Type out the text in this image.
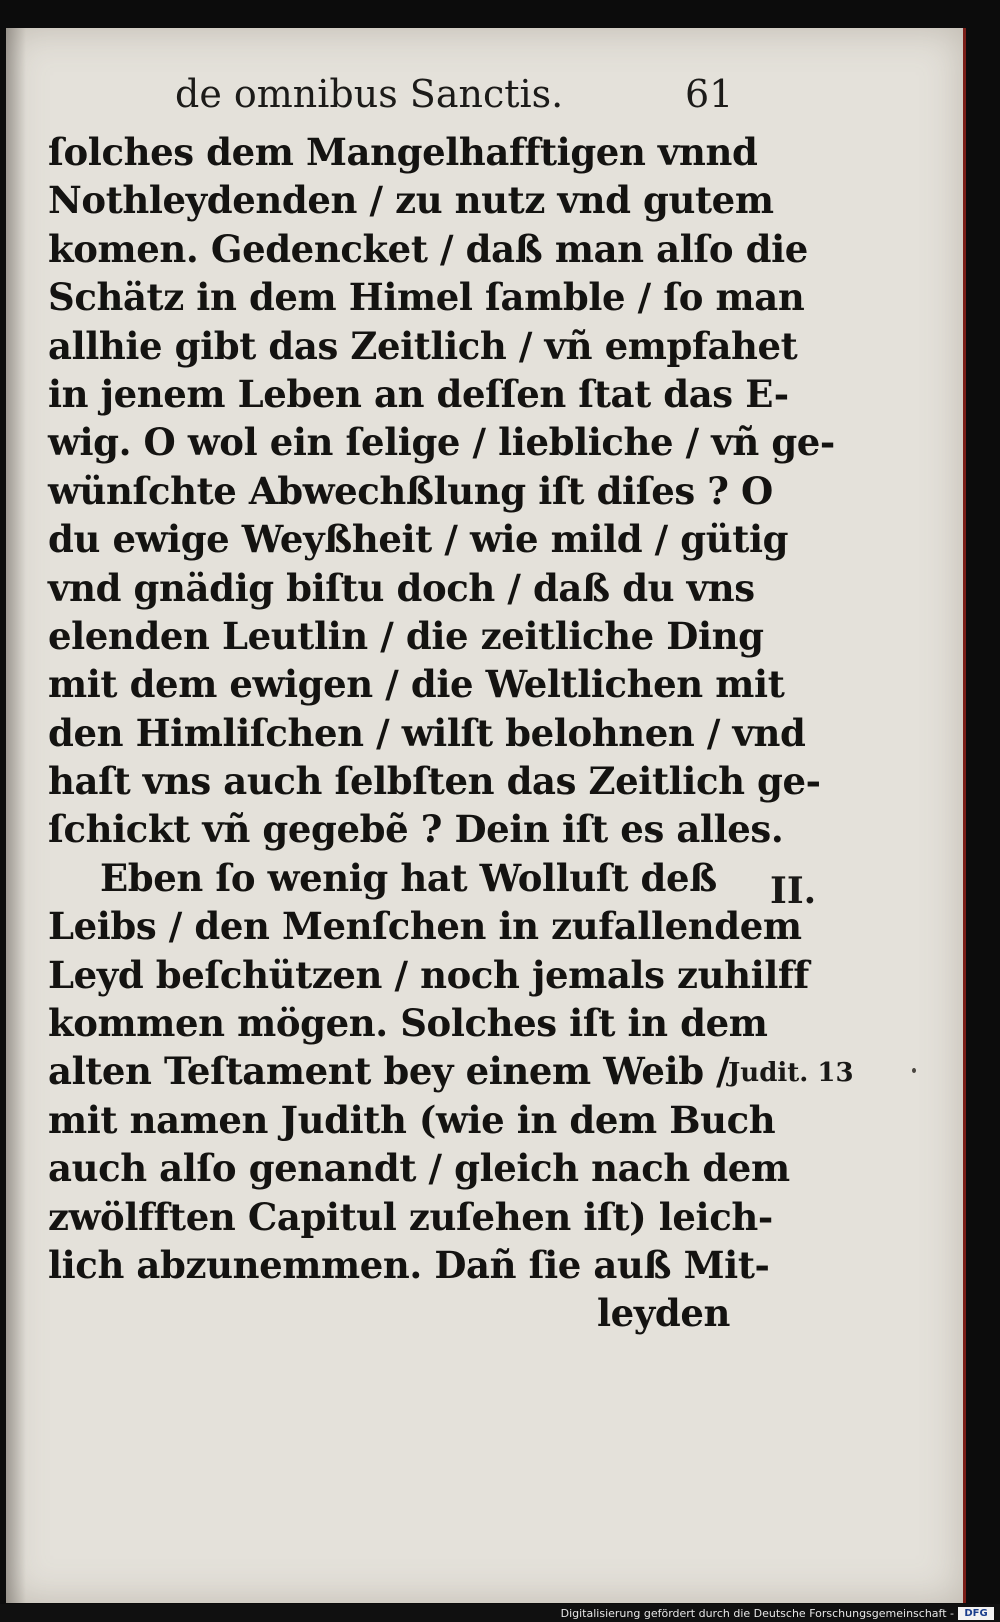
de omnibus Sanctis.	61
ſolches dem Mangelhafftigen vnnd
Nothleydenden / zu nutz vnd gutem
komen. Gedencket / daß man alſo die
Schätz in dem Himel ſamble / ſo man
allhie gibt das Zeitlich / vñ empfahet
in jenem Leben an deſſen ſtat das E-
wig. O wol ein ſelige / liebliche / vñ ge-
wünſchte Abwechßlung iſt diſes ? O
du ewige Weyßheit / wie mild / gütig
vnd gnädig biſtu doch / daß du vns
elenden Leutlin / die zeitliche Ding
mit dem ewigen / die Weltlichen mit
den Himliſchen / wilſt belohnen / vnd
haſt vns auch ſelbſten das Zeitlich ge-
ſchickt vñ gegebẽ ? Dein iſt es alles.
Eben ſo wenig hat Wolluſt deß
Leibs / den Menſchen in zufallendem
Leyd beſchützen / noch jemals zuhilff
kommen mögen. Solches iſt in dem
alten Teſtament bey einem Weib /
mit namen Judith (wie in dem Buch
auch alſo genandt / gleich nach dem
zwölfften Capitul zuſehen iſt) leich-
lich abzunemmen. Dañ ſie auß Mit-
leyden
II.
Judit. 13
Digitalisierung gefördert durch die Deutsche Forschungsgemeinschaft -	DFG
